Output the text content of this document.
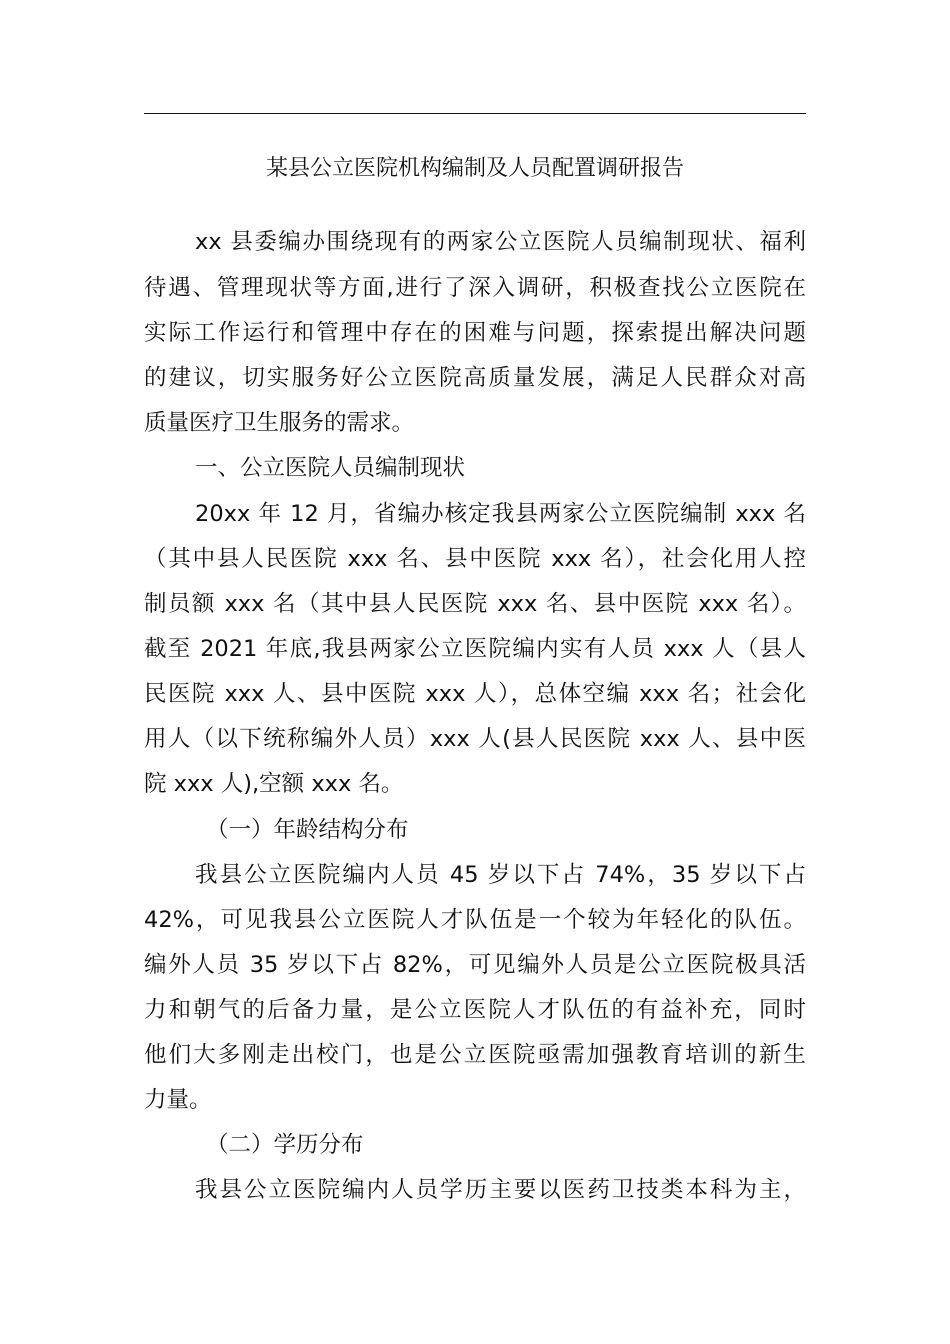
某县公立医院机构编制及人员配置调研报告
xx 县委编办围绕现有的两家公立医院人员编制现状、福利
待遇、管理现状等方面,进行了深入调研，积极查找公立医院在
实际工作运行和管理中存在的困难与问题，探索提出解决问题
的建议，切实服务好公立医院高质量发展，满足人民群众对高
质量医疗卫生服务的需求。
一、公立医院人员编制现状
20xx 年 12 月，省编办核定我县两家公立医院编制 xxx 名
（其中县人民医院 xxx 名、县中医院 xxx 名），社会化用人控
制员额 xxx 名（其中县人民医院 xxx 名、县中医院 xxx 名）。
截至 2021 年底,我县两家公立医院编内实有人员 xxx 人（县人
民医院 xxx 人、县中医院 xxx 人），总体空编 xxx 名；社会化
用人（以下统称编外人员）xxx 人(县人民医院 xxx 人、县中医
院 xxx 人),空额 xxx 名。
（一）年龄结构分布
我县公立医院编内人员 45 岁以下占 74%，35 岁以下占
42%，可见我县公立医院人才队伍是一个较为年轻化的队伍。
编外人员 35 岁以下占 82%，可见编外人员是公立医院极具活
力和朝气的后备力量，是公立医院人才队伍的有益补充，同时
他们大多刚走出校门，也是公立医院亟需加强教育培训的新生
力量。
（二）学历分布
我县公立医院编内人员学历主要以医药卫技类本科为主，
